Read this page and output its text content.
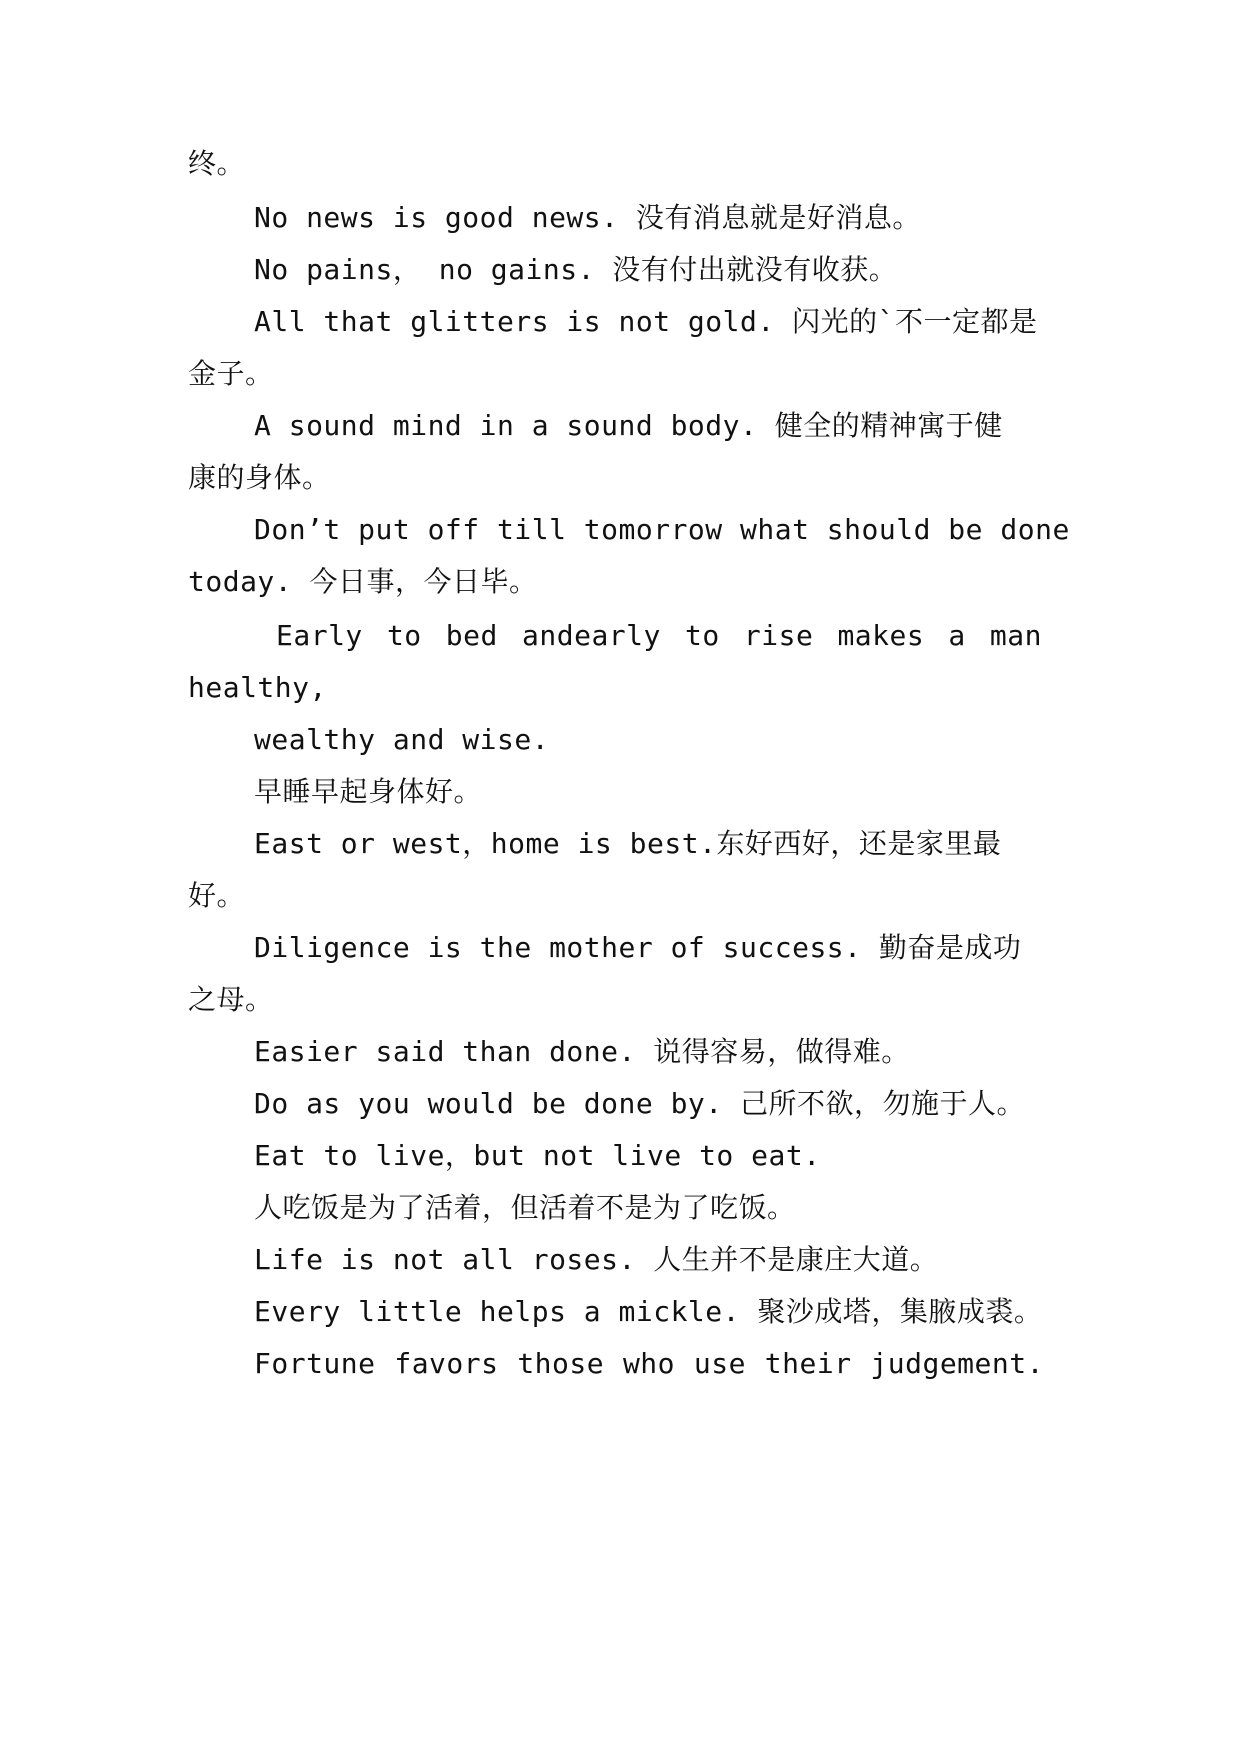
终。
No news is good news. 没有消息就是好消息。
No pains， no gains. 没有付出就没有收获。
All that glitters is not gold. 闪光的`不一定都是
金子。
A sound mind in a sound body. 健全的精神寓于健
康的身体。
Don’t put off till tomorrow what should be done
today. 今日事，今日毕。
Early to bed andearly to rise makes a man
healthy,
wealthy and wise.
早睡早起身体好。
East or west，home is best.东好西好，还是家里最
好。
Diligence is the mother of success. 勤奋是成功
之母。
Easier said than done. 说得容易，做得难。
Do as you would be done by. 己所不欲，勿施于人。
Eat to live，but not live to eat.
人吃饭是为了活着，但活着不是为了吃饭。
Life is not all roses. 人生并不是康庄大道。
Every little helps a mickle. 聚沙成塔，集腋成裘。
Fortune favors those who use their judgement.
